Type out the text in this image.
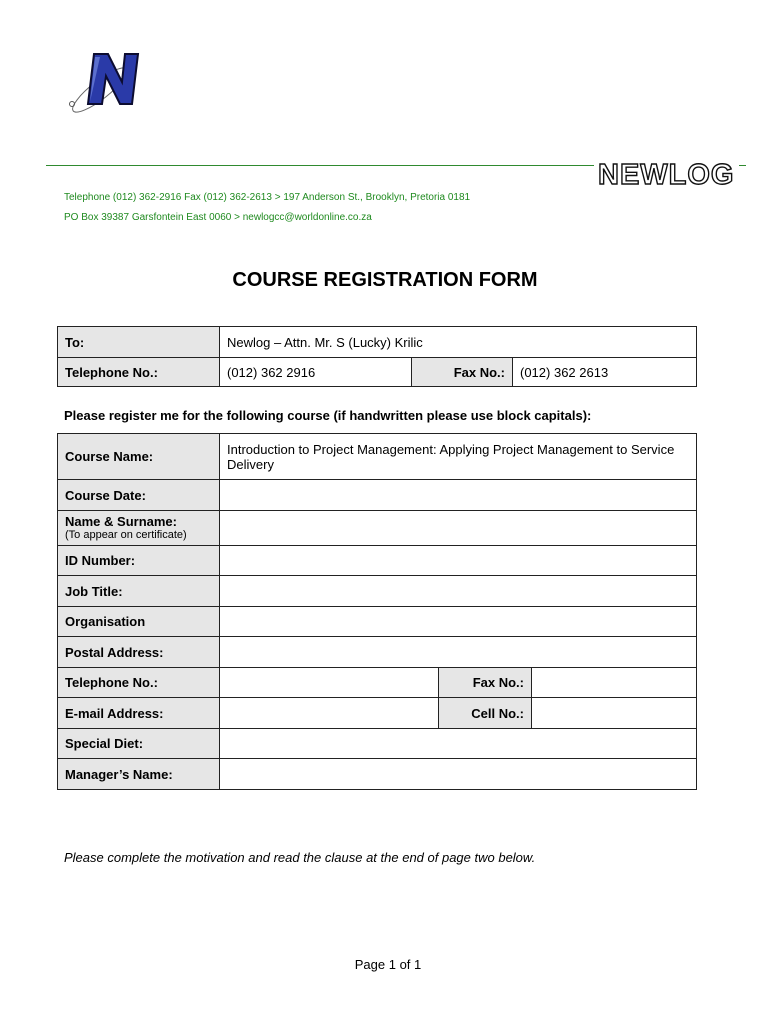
NEWLOG
Telephone (012) 362-2916 Fax (012) 362-2613 > 197 Anderson St., Brooklyn, Pretoria 0181
PO Box 39387 Garsfontein East 0060 > newlogcc@worldonline.co.za
COURSE REGISTRATION FORM
To:	Newlog – Attn. Mr. S (Lucky) Krilic		
Telephone No.:	(012) 362 2916	Fax No.:	(012) 362 2613
Please register me for the following course (if handwritten please use block capitals):
Course Name:	Introduction to Project Management: Applying Project Management to Service Delivery		
Course Date:			
Name & Surname:
(To appear on certificate)			

ID Number:			
Job Title:			
Organisation			
Postal Address:			
Telephone No.:		Fax No.:	
E-mail Address:		Cell No.:	
Special Diet:			
Manager’s Name:			
Please complete the motivation and read the clause at the end of page two below.
Page 1 of 1
